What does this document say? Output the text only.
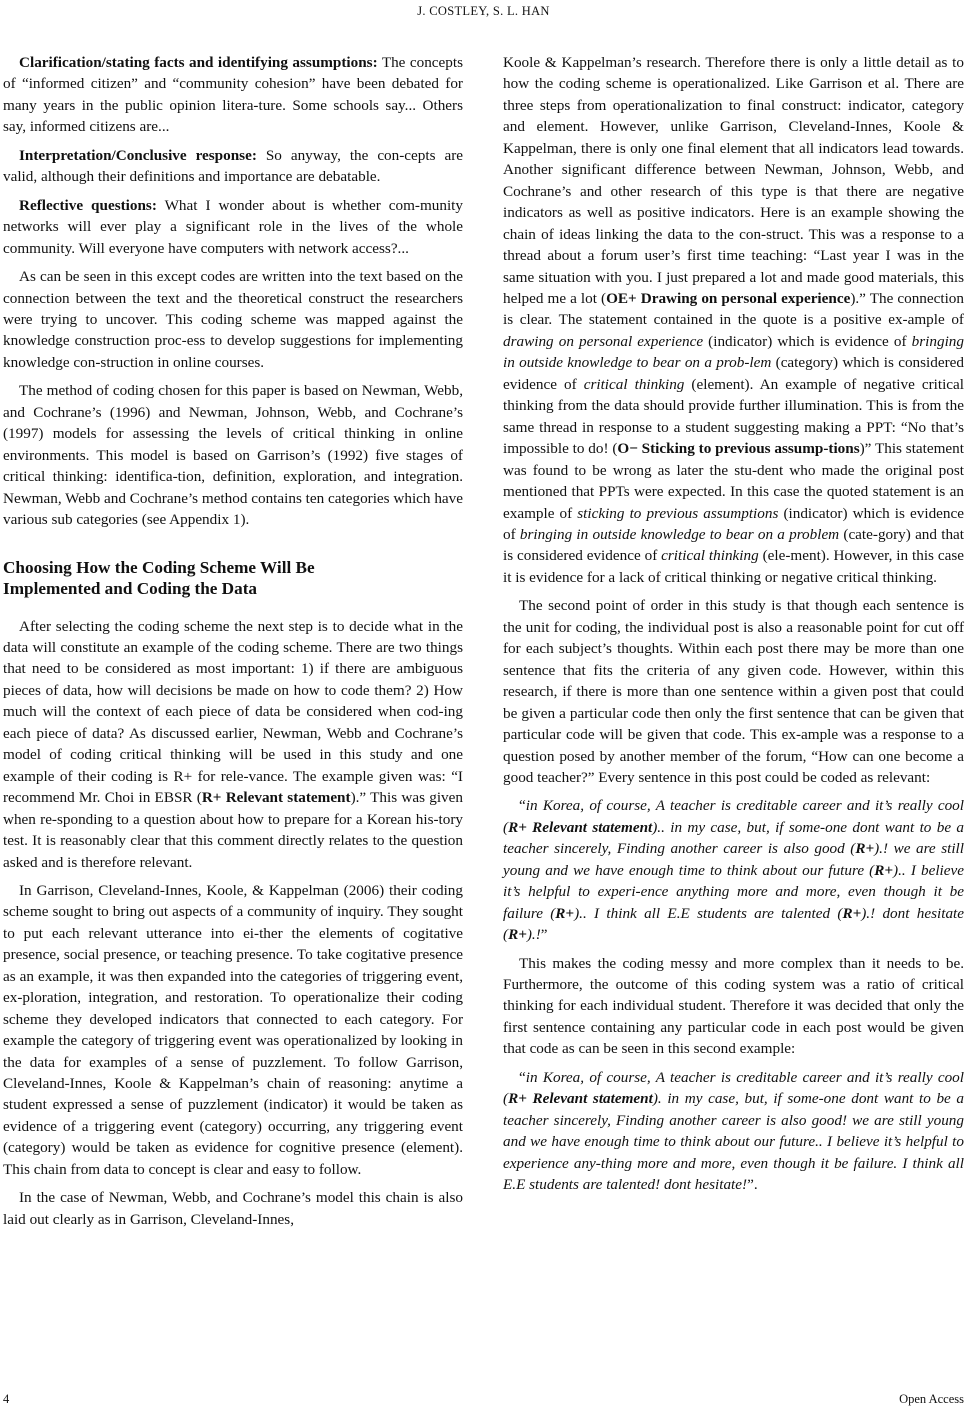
J. COSTLEY, S. L. HAN

Clarification/stating facts and identifying assumptions: The concepts of “informed citizen” and “community cohesion” have been debated for many years in the public opinion litera-ture. Some schools say... Others say, informed citizens are...

Interpretation/Conclusive response: So anyway, the con-cepts are valid, although their definitions and importance are debatable.

Reflective questions: What I wonder about is whether com-munity networks will ever play a significant role in the lives of the whole community. Will everyone have computers with network access?...

As can be seen in this except codes are written into the text based on the connection between the text and the theoretical construct the researchers were trying to uncover. This coding scheme was mapped against the knowledge construction proc-ess to develop suggestions for implementing knowledge con-struction in online courses.

The method of coding chosen for this paper is based on Newman, Webb, and Cochrane’s (1996) and Newman, Johnson, Webb, and Cochrane’s (1997) models for assessing the levels of critical thinking in online environments. This model is based on Garrison’s (1992) five stages of critical thinking: identifica-tion, definition, exploration, and integration. Newman, Webb and Cochrane’s method contains ten categories which have various sub categories (see Appendix 1).

Choosing How the Coding Scheme Will Be
Implemented and Coding the Data

After selecting the coding scheme the next step is to decide what in the data will constitute an example of the coding scheme. There are two things that need to be considered as most important: 1) if there are ambiguous pieces of data, how will decisions be made on how to code them? 2) How much will the context of each piece of data be considered when cod-ing each piece of data? As discussed earlier, Newman, Webb and Cochrane’s model of coding critical thinking will be used in this study and one example of their coding is R+ for rele-vance. The example given was: “I recommend Mr. Choi in EBSR (R+ Relevant statement).” This was given when re-sponding to a question about how to prepare for a Korean his-tory test. It is reasonably clear that this comment directly relates to the question asked and is therefore relevant.

In Garrison, Cleveland-Innes, Koole, & Kappelman (2006) their coding scheme sought to bring out aspects of a community of inquiry. They sought to put each relevant utterance into ei-ther the elements of cogitative presence, social presence, or teaching presence. To take cogitative presence as an example, it was then expanded into the categories of triggering event, ex-ploration, integration, and restoration. To operationalize their coding scheme they developed indicators that connected to each category. For example the category of triggering event was operationalized by looking in the data for examples of a sense of puzzlement. To follow Garrison, Cleveland-Innes, Koole & Kappelman’s chain of reasoning: anytime a student expressed a sense of puzzlement (indicator) it would be taken as evidence of a triggering event (category) occurring, any triggering event (category) would be taken as evidence for cognitive presence (element). This chain from data to concept is clear and easy to follow.

In the case of Newman, Webb, and Cochrane’s model this chain is also laid out clearly as in Garrison, Cleveland-Innes,

Koole & Kappelman’s research. Therefore there is only a little detail as to how the coding scheme is operationalized. Like Garrison et al. There are three steps from operationalization to final construct: indicator, category and element. However, unlike Garrison, Cleveland-Innes, Koole & Kappelman, there is only one final element that all indicators lead towards. Another significant difference between Newman, Johnson, Webb, and Cochrane’s and other research of this type is that there are negative indicators as well as positive indicators. Here is an example showing the chain of ideas linking the data to the con-struct. This was a response to a thread about a forum user’s first time teaching: “Last year I was in the same situation with you. I just prepared a lot and made good materials, this helped me a lot (OE+ Drawing on personal experience).” The connection is clear. The statement contained in the quote is a positive ex-ample of drawing on personal experience (indicator) which is evidence of bringing in outside knowledge to bear on a prob-lem (category) which is considered evidence of critical thinking (element). An example of negative critical thinking from the data should provide further illumination. This is from the same thread in response to a student suggesting making a PPT: “No that’s impossible to do! (O− Sticking to previous assump-tions)” This statement was found to be wrong as later the stu-dent who made the original post mentioned that PPTs were expected. In this case the quoted statement is an example of sticking to previous assumptions (indicator) which is evidence of bringing in outside knowledge to bear on a problem (cate-gory) and that is considered evidence of critical thinking (ele-ment). However, in this case it is evidence for a lack of critical thinking or negative critical thinking.

The second point of order in this study is that though each sentence is the unit for coding, the individual post is also a reasonable point for cut off for each subject’s thoughts. Within each post there may be more than one sentence that fits the criteria of any given code. However, within this research, if there is more than one sentence within a given post that could be given a particular code then only the first sentence that can be given that particular code will be given that code. This ex-ample was a response to a question posed by another member of the forum, “How can one become a good teacher?” Every sentence in this post could be coded as relevant:

“in Korea, of course, A teacher is creditable career and it’s really cool (R+ Relevant statement).. in my case, but, if some-one dont want to be a teacher sincerely, Finding another career is also good (R+).! we are still young and we have enough time to think about our future (R+).. I believe it’s helpful to experi-ence anything more and more, even though it be failure (R+).. I think all E.E students are talented (R+).! dont hesitate (R+).!”

This makes the coding messy and more complex than it needs to be. Furthermore, the outcome of this coding system was a ratio of critical thinking for each individual student. Therefore it was decided that only the first sentence containing any particular code in each post would be given that code as can be seen in this second example:

“in Korea, of course, A teacher is creditable career and it’s really cool (R+ Relevant statement). in my case, but, if some-one dont want to be a teacher sincerely, Finding another career is also good! we are still young and we have enough time to think about our future.. I believe it’s helpful to experience any-thing more and more, even though it be failure. I think all E.E students are talented! dont hesitate!”.

4	Open Access
